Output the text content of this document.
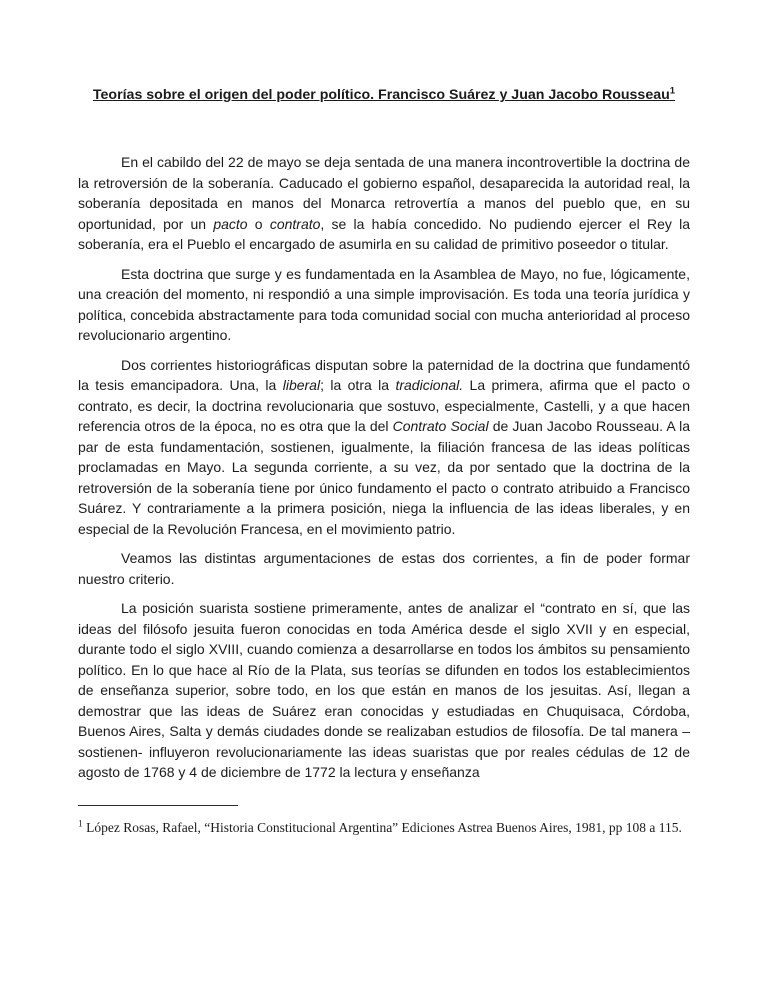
Teorías sobre el origen del poder político. Francisco Suárez y Juan Jacobo Rousseau$^1$

En el cabildo del 22 de mayo se deja sentada de una manera incontrovertible la doctrina de la retroversión de la soberanía. Caducado el gobierno español, desaparecida la autoridad real, la soberanía depositada en manos del Monarca retrovertía a manos del pueblo que, en su oportunidad, por un pacto o contrato, se la había concedido. No pudiendo ejercer el Rey la soberanía, era el Pueblo el encargado de asumirla en su calidad de primitivo poseedor o titular.

Esta doctrina que surge y es fundamentada en la Asamblea de Mayo, no fue, lógicamente, una creación del momento, ni respondió a una simple improvisación. Es toda una teoría jurídica y política, concebida abstractamente para toda comunidad social con mucha anterioridad al proceso revolucionario argentino.

Dos corrientes historiográficas disputan sobre la paternidad de la doctrina que fundamentó la tesis emancipadora. Una, la liberal; la otra la tradicional. La primera, afirma que el pacto o contrato, es decir, la doctrina revolucionaria que sostuvo, especialmente, Castelli, y a que hacen referencia otros de la época, no es otra que la del Contrato Social de Juan Jacobo Rousseau. A la par de esta fundamentación, sostienen, igualmente, la filiación francesa de las ideas políticas proclamadas en Mayo. La segunda corriente, a su vez, da por sentado que la doctrina de la retroversión de la soberanía tiene por único fundamento el pacto o contrato atribuido a Francisco Suárez. Y contrariamente a la primera posición, niega la influencia de las ideas liberales, y en especial de la Revolución Francesa, en el movimiento patrio.

Veamos las distintas argumentaciones de estas dos corrientes, a fin de poder formar nuestro criterio.

La posición suarista sostiene primeramente, antes de analizar el “contrato en sí, que las ideas del filósofo jesuita fueron conocidas en toda América desde el siglo XVII y en especial, durante todo el siglo XVIII, cuando comienza a desarrollarse en todos los ámbitos su pensamiento político. En lo que hace al Río de la Plata, sus teorías se difunden en todos los establecimientos de enseñanza superior, sobre todo, en los que están en manos de los jesuitas. Así, llegan a demostrar que las ideas de Suárez eran conocidas y estudiadas en Chuquisaca, Córdoba, Buenos Aires, Salta y demás ciudades donde se realizaban estudios de filosofía. De tal manera –sostienen- influyeron revolucionariamente las ideas suaristas que por reales cédulas de 12 de agosto de 1768 y 4 de diciembre de 1772 la lectura y enseñanza

$^1$ López Rosas, Rafael, “Historia Constitucional Argentina” Ediciones Astrea Buenos Aires, 1981, pp 108 a 115.
